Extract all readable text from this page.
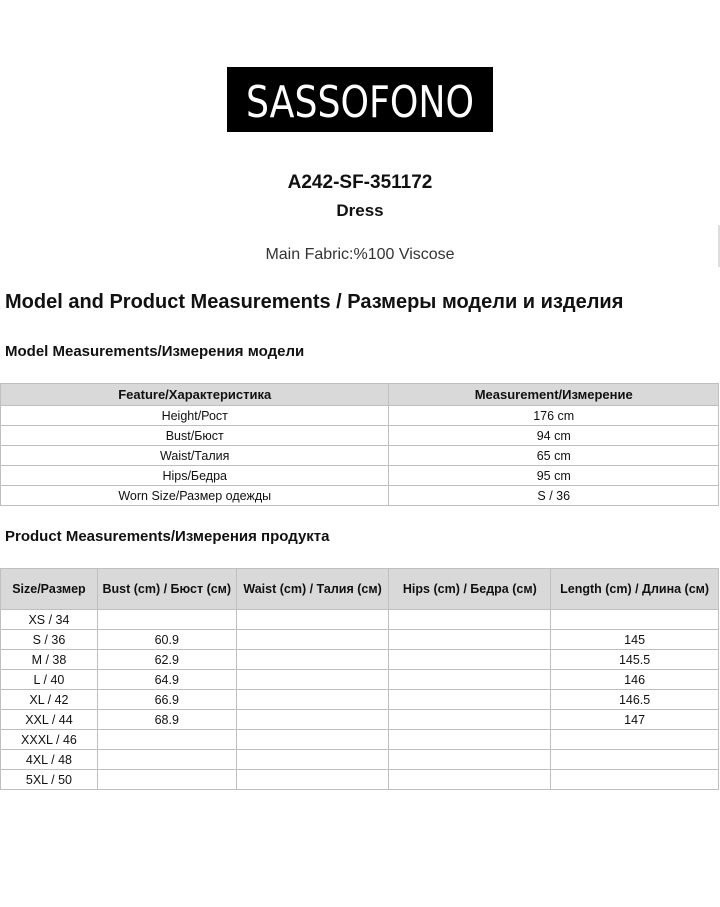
SASSOFONO
A242-SF-351172
Dress
Main Fabric:%100 Viscose
Model and Product Measurements / Размеры модели и изделия
Model Measurements/Измерения модели
Feature/Характеристика	Measurement/Измерение
Height/Рост	176 cm
Bust/Бюст	94 cm
Waist/Талия	65 cm
Hips/Бедра	95 cm
Worn Size/Размер одежды	S / 36
Product Measurements/Измерения продукта
Size/Размер	Bust (cm) / Бюст (см)	Waist (cm) / Талия (см)	Hips (cm) / Бедра (см)	Length (cm) / Длина (см)
XS / 34				
S / 36	60.9			145
M / 38	62.9			145.5
L / 40	64.9			146
XL / 42	66.9			146.5
XXL / 44	68.9			147
XXXL / 46				
4XL / 48				
5XL / 50				
